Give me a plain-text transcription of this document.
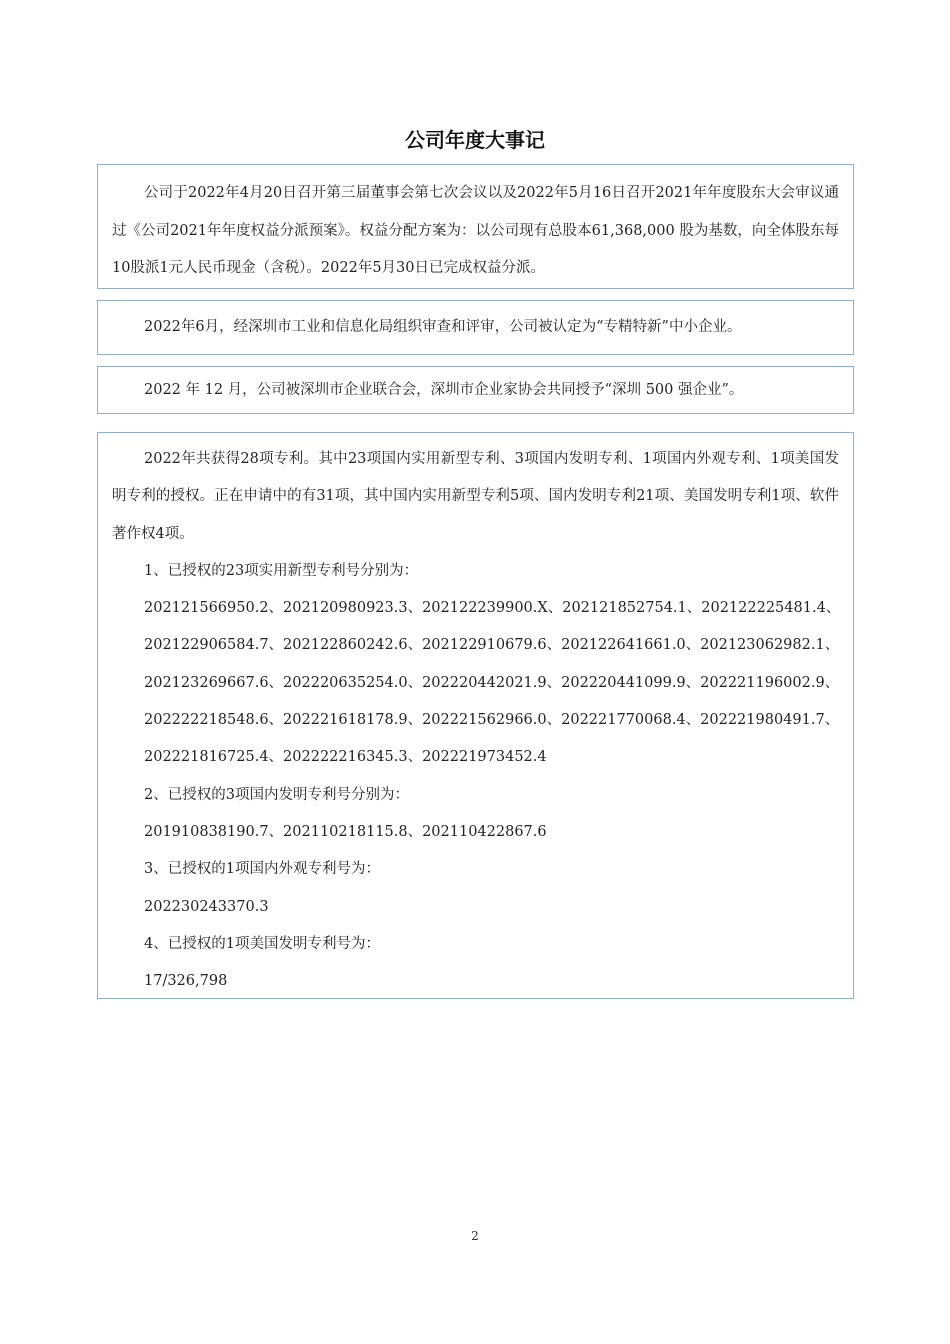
公司年度大事记

公司于2022年4月20日召开第三届董事会第七次会议以及2022年5月16日召开2021年年度股东大会审议通过《公司2021年年度权益分派预案》。权益分配方案为：以公司现有总股本61,368,000 股为基数，向全体股东每10股派1元人民币现金（含税）。2022年5月30日已完成权益分派。

2022年6月，经深圳市工业和信息化局组织审查和评审，公司被认定为“专精特新”中小企业。

2022 年 12 月，公司被深圳市企业联合会，深圳市企业家协会共同授予“深圳 500 强企业”。

2022年共获得28项专利。其中23项国内实用新型专利、3项国内发明专利、1项国内外观专利、1项美国发明专利的授权。正在申请中的有31项，其中国内实用新型专利5项、国内发明专利21项、美国发明专利1项、软件著作权4项。

1、已授权的23项实用新型专利号分别为：

202121566950.2、202120980923.3、202122239900.X、202121852754.1、202122225481.4、

202122906584.7、202122860242.6、202122910679.6、202122641661.0、202123062982.1、

202123269667.6、202220635254.0、202220442021.9、202220441099.9、202221196002.9、

202222218548.6、202221618178.9、202221562966.0、202221770068.4、202221980491.7、

202221816725.4、202222216345.3、202221973452.4

2、已授权的3项国内发明专利号分别为：

201910838190.7、202110218115.8、202110422867.6

3、已授权的1项国内外观专利号为：

202230243370.3

4、已授权的1项美国发明专利号为：

17/326,798

2
